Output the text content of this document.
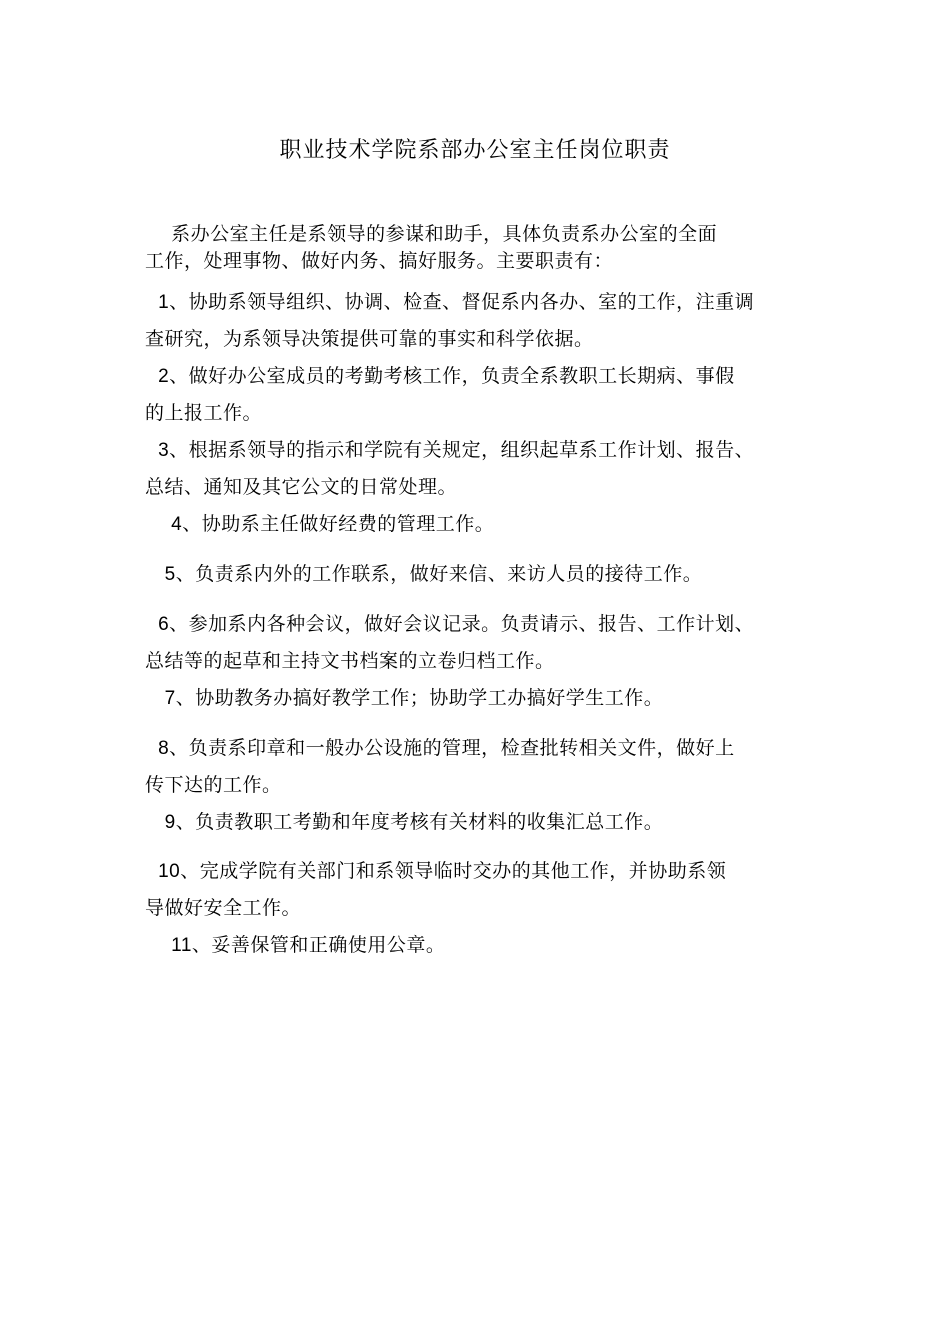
职业技术学院系部办公室主任岗位职责
系办公室主任是系领导的参谋和助手，具体负责系办公室的全面
工作，处理事物、做好内务、搞好服务。主要职责有：
1、协助系领导组织、协调、检查、督促系内各办、室的工作，注重调
查研究，为系领导决策提供可靠的事实和科学依据。
2、做好办公室成员的考勤考核工作，负责全系教职工长期病、事假
的上报工作。
3、根据系领导的指示和学院有关规定，组织起草系工作计划、报告、
总结、通知及其它公文的日常处理。
4、协助系主任做好经费的管理工作。
5、负责系内外的工作联系，做好来信、来访人员的接待工作。
6、参加系内各种会议，做好会议记录。负责请示、报告、工作计划、
总结等的起草和主持文书档案的立卷归档工作。
7、协助教务办搞好教学工作；协助学工办搞好学生工作。
8、负责系印章和一般办公设施的管理，检查批转相关文件，做好上
传下达的工作。
9、负责教职工考勤和年度考核有关材料的收集汇总工作。
10、完成学院有关部门和系领导临时交办的其他工作，并协助系领
导做好安全工作。
11、妥善保管和正确使用公章。
